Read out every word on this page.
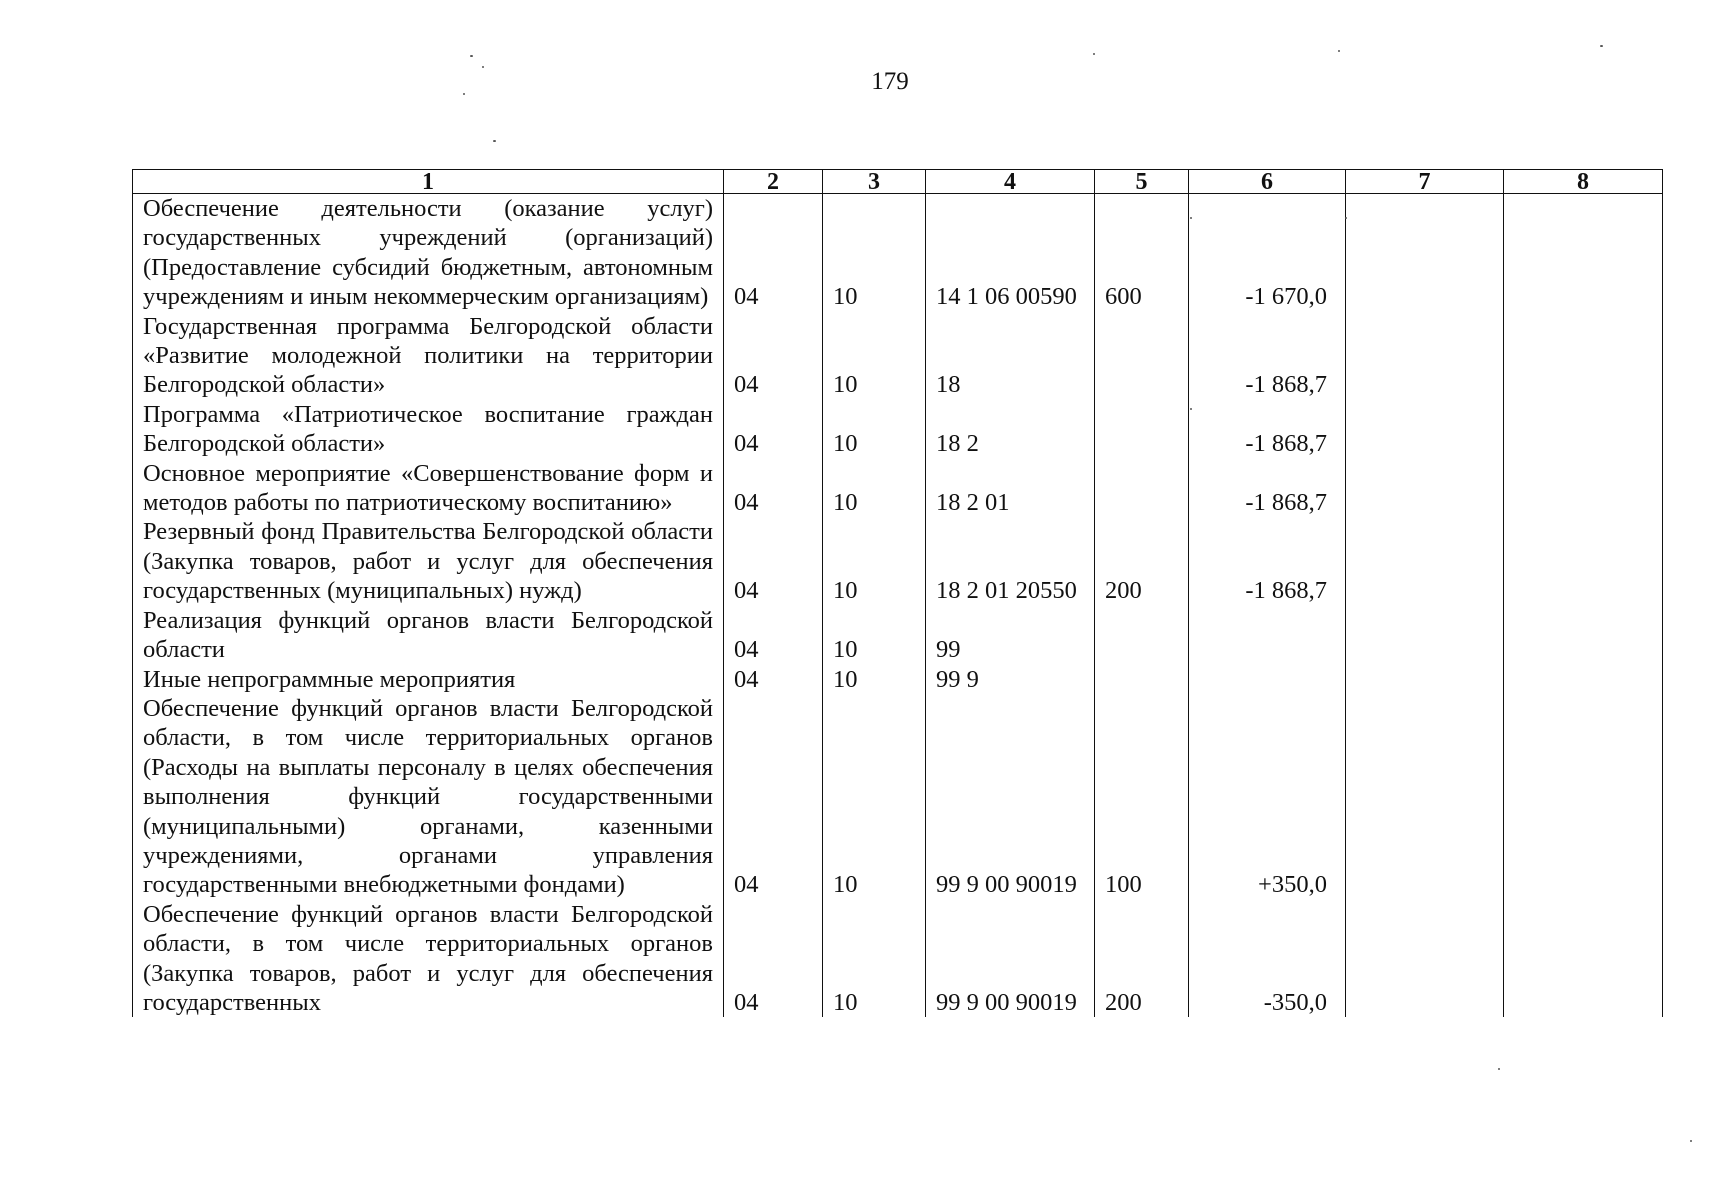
179
1	2	3	4	5	6	7	8
Обеспечение деятельности (оказание услуг) государственных учреждений (организаций) (Предоставление субсидий бюджетным, автономным учреждениям и иным некоммерческим организациям)	04	10	14 1 06 00590	600	-1 670,0		
Государственная программа Белгородской области «Развитие молодежной политики на территории Белгородской области»	04	10	18		-1 868,7		
Программа «Патриотическое воспитание граждан Белгородской области»	04	10	18 2		-1 868,7		
Основное мероприятие «Совершенствование форм и методов работы по патриотическому воспитанию»	04	10	18 2 01		-1 868,7		
Резервный фонд Правительства Белгородской области (Закупка товаров, работ и услуг для обеспечения государственных (муниципальных) нужд)	04	10	18 2 01 20550	200	-1 868,7		
Реализация функций органов власти Белгородской области	04	10	99				
Иные непрограммные мероприятия	04	10	99 9				
Обеспечение функций органов власти Белгородской области, в том числе территориальных органов (Расходы на выплаты персоналу в целях обеспечения выполнения функций государственными (муниципальными) органами, казенными учреждениями, органами управления государственными внебюджетными фондами)	04	10	99 9 00 90019	100	+350,0		
Обеспечение функций органов власти Белгородской области, в том числе территориальных органов (Закупка товаров, работ и услуг для обеспечения государственных	04	10	99 9 00 90019	200	-350,0		
